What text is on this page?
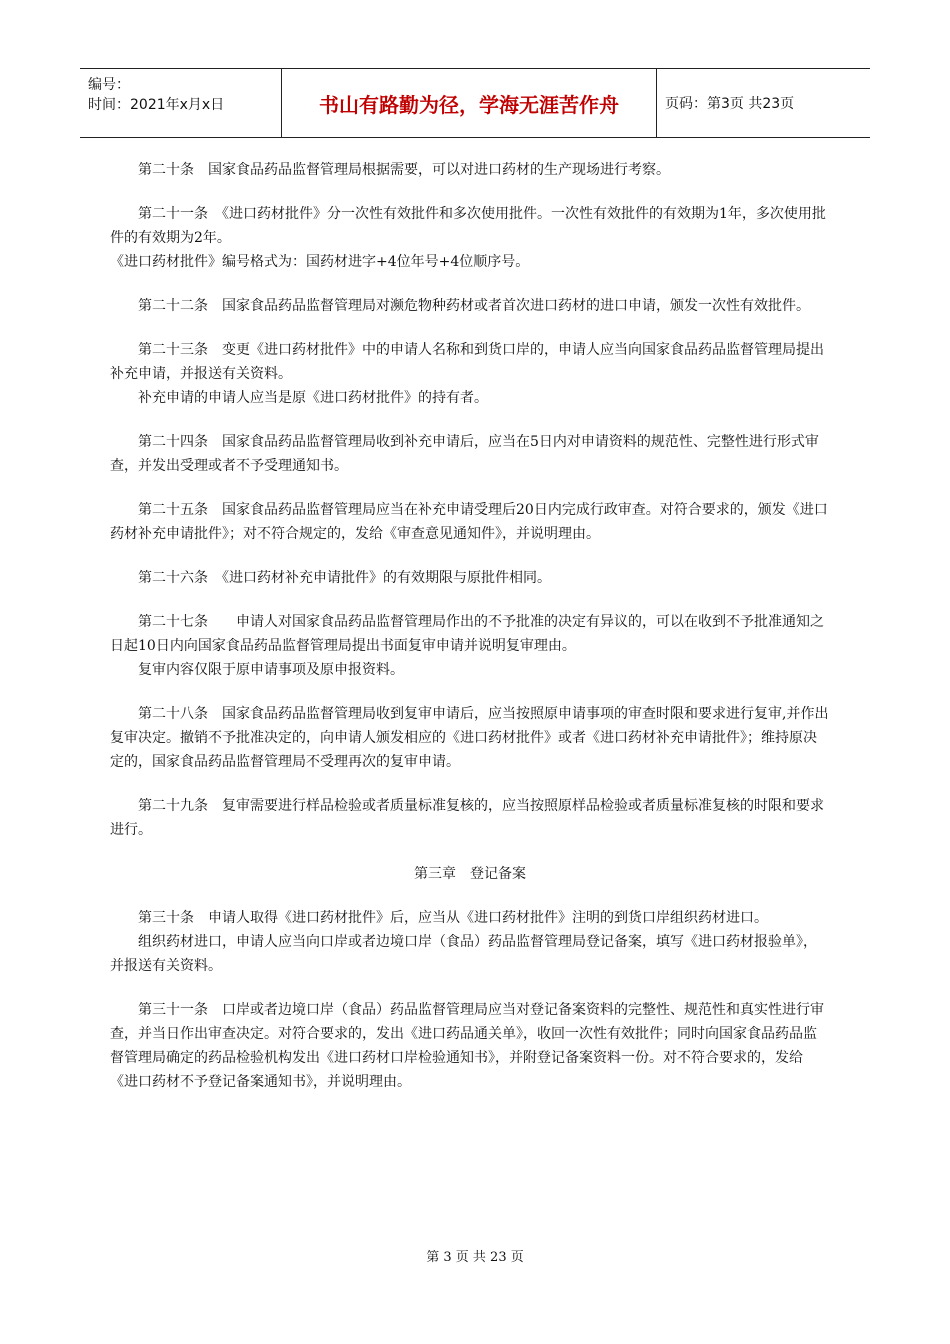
编号：
时间：2021年x月x日	书山有路勤为径，学海无涯苦作舟	页码：第3页 共23页

第二十条　国家食品药品监督管理局根据需要，可以对进口药材的生产现场进行考察。

第二十一条　《进口药材批件》分一次性有效批件和多次使用批件。一次性有效批件的有效期为1年，多次使用批件的有效期为2年。

《进口药材批件》编号格式为：国药材进字+4位年号+4位顺序号。

第二十二条　国家食品药品监督管理局对濒危物种药材或者首次进口药材的进口申请，颁发一次性有效批件。

第二十三条　变更《进口药材批件》中的申请人名称和到货口岸的，申请人应当向国家食品药品监督管理局提出补充申请，并报送有关资料。

补充申请的申请人应当是原《进口药材批件》的持有者。

第二十四条　国家食品药品监督管理局收到补充申请后，应当在5日内对申请资料的规范性、完整性进行形式审查，并发出受理或者不予受理通知书。

第二十五条　国家食品药品监督管理局应当在补充申请受理后20日内完成行政审查。对符合要求的，颁发《进口药材补充申请批件》；对不符合规定的，发给《审查意见通知件》，并说明理由。

第二十六条　《进口药材补充申请批件》的有效期限与原批件相同。

第二十七条　　申请人对国家食品药品监督管理局作出的不予批准的决定有异议的，可以在收到不予批准通知之日起10日内向国家食品药品监督管理局提出书面复审申请并说明复审理由。

复审内容仅限于原申请事项及原申报资料。

第二十八条　国家食品药品监督管理局收到复审申请后，应当按照原申请事项的审查时限和要求进行复审,并作出复审决定。撤销不予批准决定的，向申请人颁发相应的《进口药材批件》或者《进口药材补充申请批件》；维持原决定的，国家食品药品监督管理局不受理再次的复审申请。

第二十九条　复审需要进行样品检验或者质量标准复核的，应当按照原样品检验或者质量标准复核的时限和要求进行。

第三章　登记备案

第三十条　申请人取得《进口药材批件》后，应当从《进口药材批件》注明的到货口岸组织药材进口。

组织药材进口，申请人应当向口岸或者边境口岸（食品）药品监督管理局登记备案，填写《进口药材报验单》，并报送有关资料。

第三十一条　口岸或者边境口岸（食品）药品监督管理局应当对登记备案资料的完整性、规范性和真实性进行审查，并当日作出审查决定。对符合要求的，发出《进口药品通关单》，收回一次性有效批件；同时向国家食品药品监督管理局确定的药品检验机构发出《进口药材口岸检验通知书》，并附登记备案资料一份。对不符合要求的，发给《进口药材不予登记备案通知书》，并说明理由。

第 3 页 共 23 页
